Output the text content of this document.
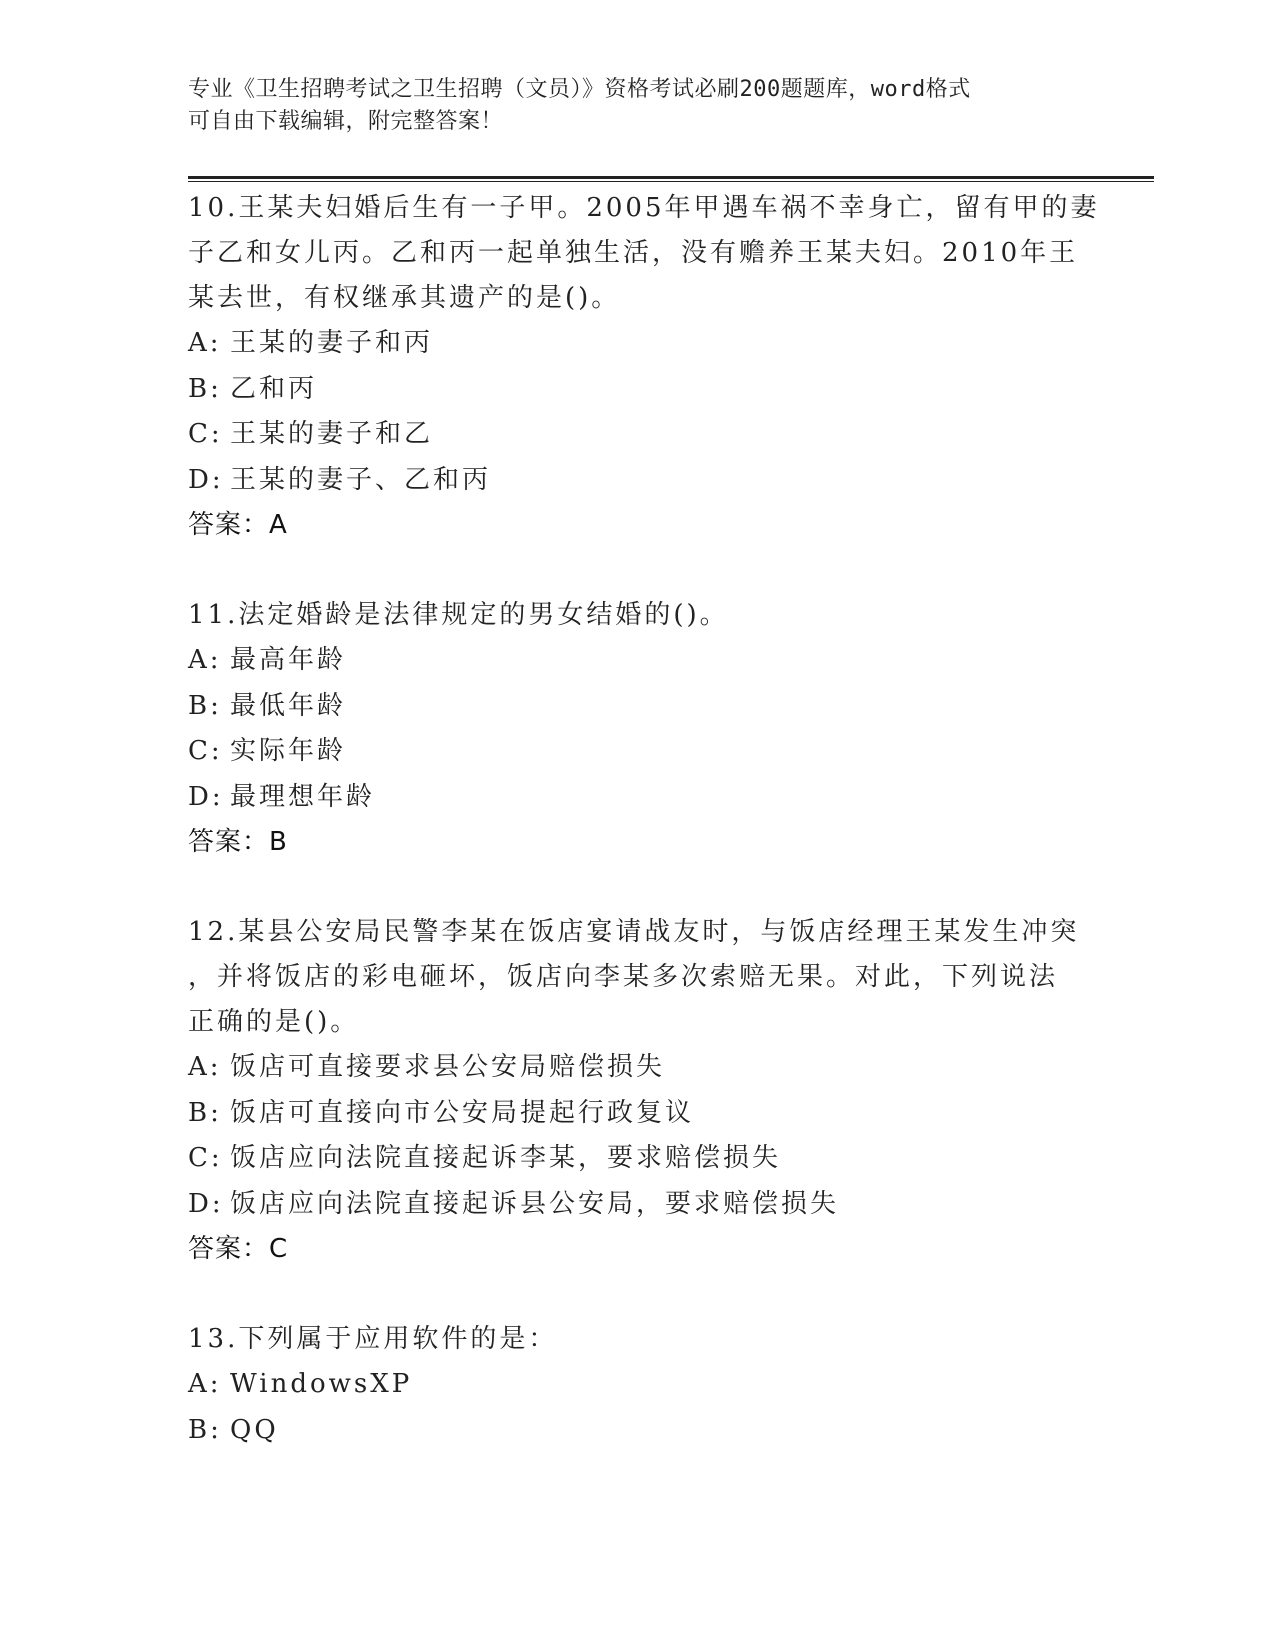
专业《卫生招聘考试之卫生招聘（文员）》资格考试必刷200题题库，word格式
可自由下载编辑，附完整答案！
10.王某夫妇婚后生有一子甲。2005年甲遇车祸不幸身亡，留有甲的妻
子乙和女儿丙。乙和丙一起单独生活，没有赡养王某夫妇。2010年王
某去世，有权继承其遗产的是()。
A: 王某的妻子和丙
B: 乙和丙
C: 王某的妻子和乙
D: 王某的妻子、乙和丙
答案：A
11.法定婚龄是法律规定的男女结婚的()。
A: 最高年龄
B: 最低年龄
C: 实际年龄
D: 最理想年龄
答案：B
12.某县公安局民警李某在饭店宴请战友时，与饭店经理王某发生冲突
，并将饭店的彩电砸坏，饭店向李某多次索赔无果。对此，下列说法
正确的是()。
A: 饭店可直接要求县公安局赔偿损失
B: 饭店可直接向市公安局提起行政复议
C: 饭店应向法院直接起诉李某，要求赔偿损失
D: 饭店应向法院直接起诉县公安局，要求赔偿损失
答案：C
13.下列属于应用软件的是：
A: WindowsXP
B: QQ
